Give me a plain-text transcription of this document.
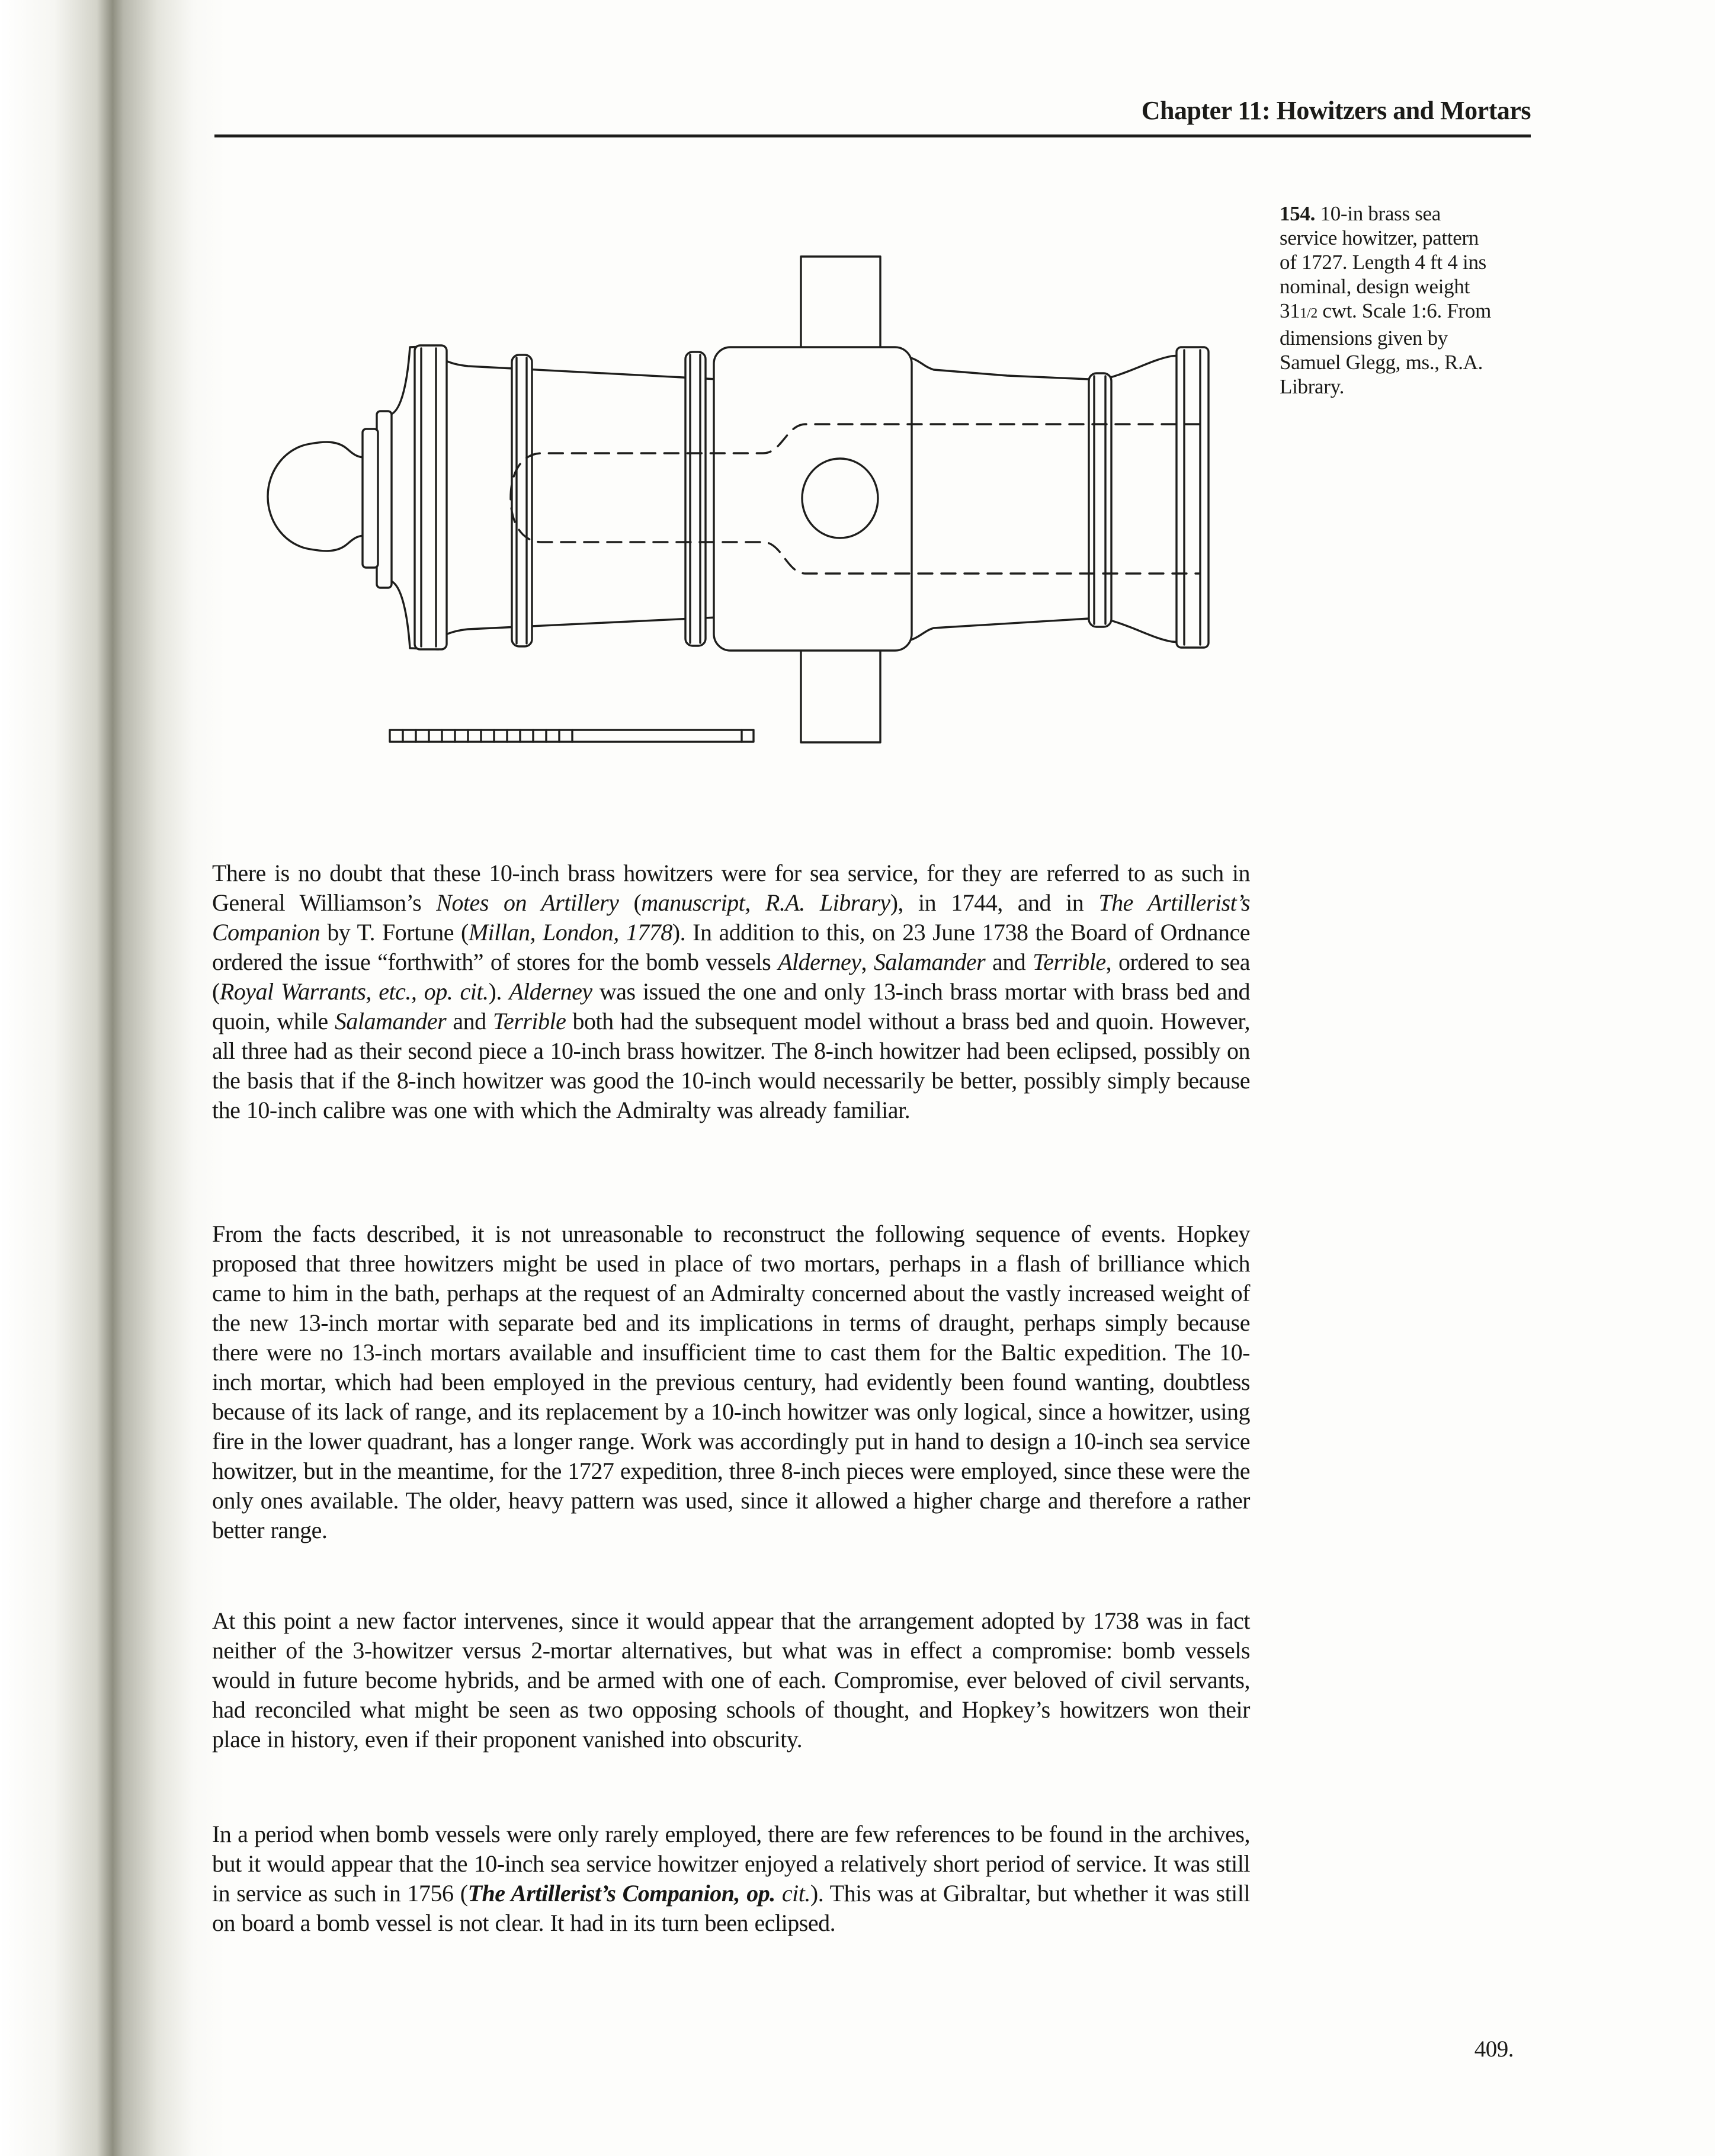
Chapter 11: Howitzers and Mortars
154. 10-in brass sea
service howitzer, pattern
of 1727. Length 4 ft 4 ins
nominal, design weight
311/2 cwt. Scale 1:6. From
dimensions given by
Samuel Glegg, ms., R.A.
Library.
There is no doubt that these 10-inch brass howitzers were for sea service, for they are referred to as such in General Williamson’s Notes on Artillery (manuscript, R.A. Library), in 1744, and in The Artillerist’s Companion by T. Fortune (Millan, London, 1778). In addition to this, on 23 June 1738 the Board of Ordnance ordered the issue “forthwith” of stores for the bomb vessels Alderney, Salamander and Terrible, ordered to sea (Royal Warrants, etc., op. cit.). Alderney was issued the one and only 13-inch brass mortar with brass bed and quoin, while Salamander and Terrible both had the subsequent model without a brass bed and quoin. However, all three had as their second piece a 10-inch brass howitzer. The 8-inch howitzer had been eclipsed, possibly on the basis that if the 8-inch howitzer was good the 10-inch would necessarily be better, possibly simply because the 10-inch calibre was one with which the Admiralty was already familiar.
From the facts described, it is not unreasonable to reconstruct the following sequence of events. Hopkey proposed that three howitzers might be used in place of two mortars, perhaps in a flash of brilliance which came to him in the bath, perhaps at the request of an Admiralty concerned about the vastly increased weight of the new 13-inch mortar with separate bed and its implications in terms of draught, perhaps simply because there were no 13-inch mortars available and insufficient time to cast them for the Baltic expedition. The 10-inch mortar, which had been employed in the previous century, had evidently been found wanting, doubtless because of its lack of range, and its replacement by a 10-inch howitzer was only logical, since a howitzer, using fire in the lower quadrant, has a longer range. Work was accordingly put in hand to design a 10-inch sea service howitzer, but in the meantime, for the 1727 expedition, three 8-inch pieces were employed, since these were the only ones available. The older, heavy pattern was used, since it allowed a higher charge and therefore a rather better range.
At this point a new factor intervenes, since it would appear that the arrangement adopted by 1738 was in fact neither of the 3-howitzer versus 2-mortar alternatives, but what was in effect a compromise: bomb vessels would in future become hybrids, and be armed with one of each. Compromise, ever beloved of civil servants, had reconciled what might be seen as two opposing schools of thought, and Hopkey’s howitzers won their place in history, even if their proponent vanished into obscurity.
In a period when bomb vessels were only rarely employed, there are few references to be found in the archives, but it would appear that the 10-inch sea service howitzer enjoyed a relatively short period of service. It was still in service as such in 1756 (The Artillerist’s Companion, op. cit.). This was at Gibraltar, but whether it was still on board a bomb vessel is not clear. It had in its turn been eclipsed.
409.
